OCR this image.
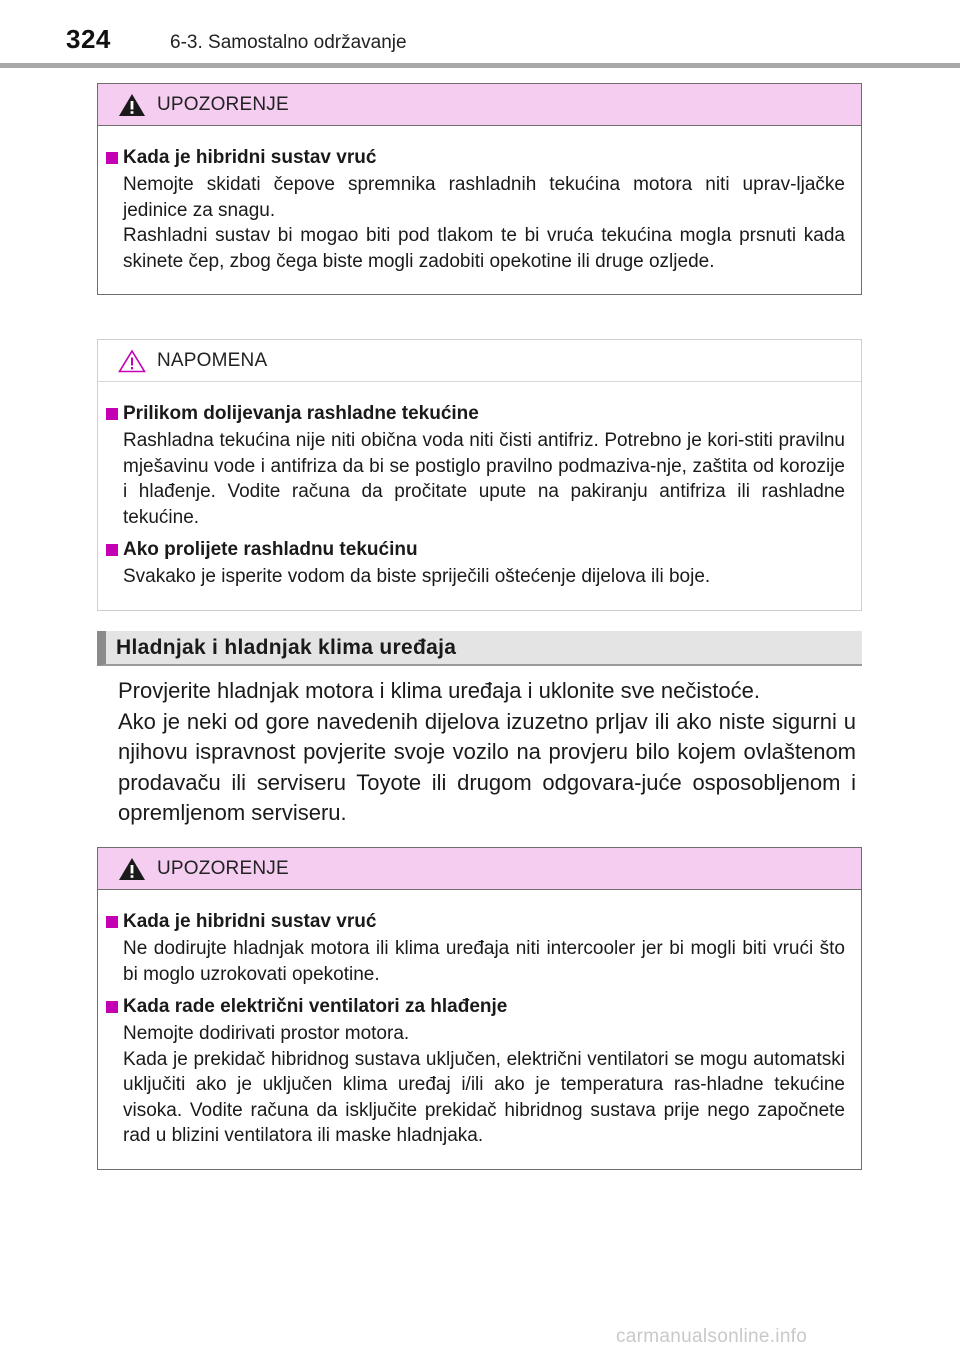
324	6-3. Samostalno održavanje
UPOZORENJE
Kada je hibridni sustav vruć

Nemojte skidati čepove spremnika rashladnih tekućina motora niti uprav-ljačke jedinice za snagu.

Rashladni sustav bi mogao biti pod tlakom te bi vruća tekućina mogla prsnuti kada skinete čep, zbog čega biste mogli zadobiti opekotine ili druge ozljede.

NAPOMENA
Prilikom dolijevanja rashladne tekućine

Rashladna tekućina nije niti obična voda niti čisti antifriz. Potrebno je kori-stiti pravilnu mješavinu vode i antifriza da bi se postiglo pravilno podmaziva-nje, zaštita od korozije i hlađenje. Vodite računa da pročitate upute na pakiranju antifriza ili rashladne tekućine.

Ako prolijete rashladnu tekućinu

Svakako je isperite vodom da biste spriječili oštećenje dijelova ili boje.

Hladnjak i hladnjak klima uređaja

Provjerite hladnjak motora i klima uređaja i uklonite sve nečistoće.

Ako je neki od gore navedenih dijelova izuzetno prljav ili ako niste sigurni u njihovu ispravnost povjerite svoje vozilo na provjeru bilo kojem ovlaštenom prodavaču ili serviseru Toyote ili drugom odgovara-juće osposobljenom i opremljenom serviseru.

UPOZORENJE
Kada je hibridni sustav vruć

Ne dodirujte hladnjak motora ili klima uređaja niti intercooler jer bi mogli biti vrući što bi moglo uzrokovati opekotine.

Kada rade električni ventilatori za hlađenje

Nemojte dodirivati prostor motora.

Kada je prekidač hibridnog sustava uključen, električni ventilatori se mogu automatski uključiti ako je uključen klima uređaj i/ili ako je temperatura ras-hladne tekućine visoka. Vodite računa da isključite prekidač hibridnog sustava prije nego započnete rad u blizini ventilatora ili maske hladnjaka.

carmanualsonline.info
